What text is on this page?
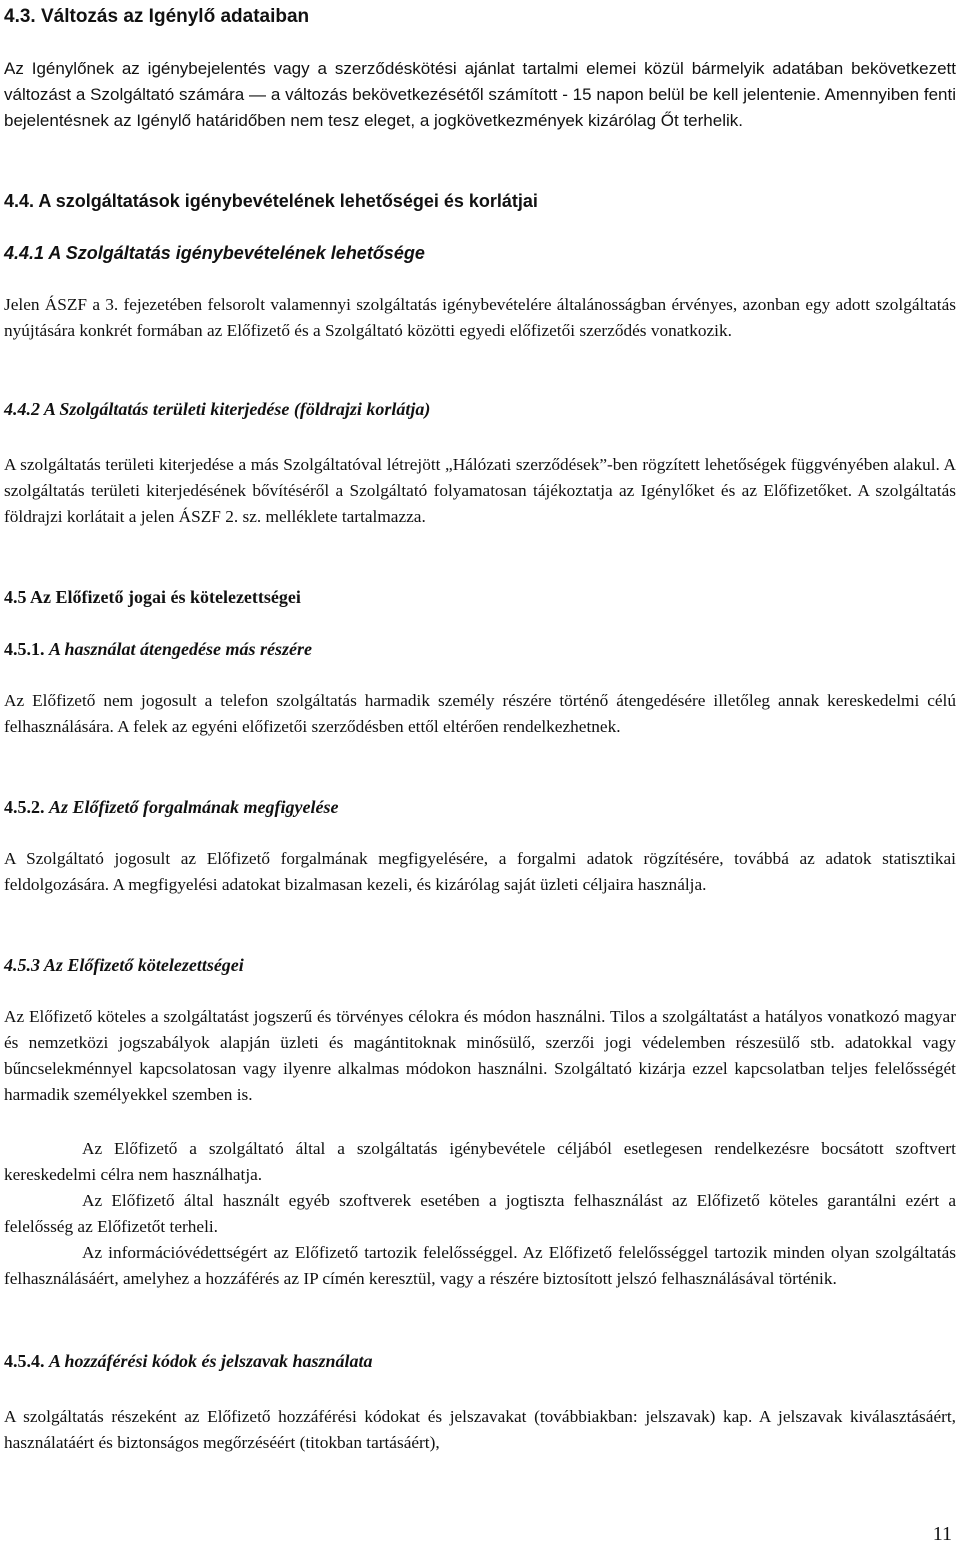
4.3. Változás az Igénylő adataiban

Az Igénylőnek az igénybejelentés vagy a szerződéskötési ajánlat tartalmi elemei közül bármelyik adatában bekövetkezett változást a Szolgáltató számára ― a változás bekövetkezésétől számított - 15 napon belül be kell jelentenie. Amennyiben fenti bejelentésnek az Igénylő határidőben nem tesz eleget, a jogkövetkezmények kizárólag Őt terhelik.

4.4. A szolgáltatások igénybevételének lehetőségei és korlátjai
4.4.1 A Szolgáltatás igénybevételének lehetősége

Jelen ÁSZF a 3. fejezetében felsorolt valamennyi szolgáltatás igénybevételére általánosságban érvényes, azonban egy adott szolgáltatás nyújtására konkrét formában az Előfizető és a Szolgáltató közötti egyedi előfizetői szerződés vonatkozik.

4.4.2 A Szolgáltatás területi kiterjedése (földrajzi korlátja)

A szolgáltatás területi kiterjedése a más Szolgáltatóval létrejött „Hálózati szerződések”-ben rögzített lehetőségek függvényében alakul. A szolgáltatás területi kiterjedésének bővítéséről a Szolgáltató folyamatosan tájékoztatja az Igénylőket és az Előfizetőket. A szolgáltatás földrajzi korlátait a jelen ÁSZF 2. sz. melléklete tartalmazza.

4.5 Az Előfizető jogai és kötelezettségei
4.5.1. A használat átengedése más részére

Az Előfizető nem jogosult a telefon szolgáltatás harmadik személy részére történő átengedésére illetőleg annak kereskedelmi célú felhasználására. A felek az egyéni előfizetői szerződésben ettől eltérően rendelkezhetnek.

4.5.2. Az Előfizető forgalmának megfigyelése

A Szolgáltató jogosult az Előfizető forgalmának megfigyelésére, a forgalmi adatok rögzítésére, továbbá az adatok statisztikai feldolgozására. A megfigyelési adatokat bizalmasan kezeli, és kizárólag saját üzleti céljaira használja.

4.5.3 Az Előfizető kötelezettségei

Az Előfizető köteles a szolgáltatást jogszerű és törvényes célokra és módon használni. Tilos a szolgáltatást a hatályos vonatkozó magyar és nemzetközi jogszabályok alapján üzleti és magántitoknak minősülő, szerzői jogi védelemben részesülő stb. adatokkal vagy bűncselekménnyel kapcsolatosan vagy ilyenre alkalmas módokon használni. Szolgáltató kizárja ezzel kapcsolatban teljes felelősségét harmadik személyekkel szemben is.

Az Előfizető a szolgáltató által a szolgáltatás igénybevétele céljából esetlegesen rendelkezésre bocsátott szoftvert kereskedelmi célra nem használhatja.

Az Előfizető által használt egyéb szoftverek esetében a jogtiszta felhasználást az Előfizető köteles garantálni ezért a felelősség az Előfizetőt terheli.

Az információvédettségért az Előfizető tartozik felelősséggel. Az Előfizető felelősséggel tartozik minden olyan szolgáltatás felhasználásáért, amelyhez a hozzáférés az IP címén keresztül, vagy a részére biztosított jelszó felhasználásával történik.

4.5.4. A hozzáférési kódok és jelszavak használata

A szolgáltatás részeként az Előfizető hozzáférési kódokat és jelszavakat (továbbiakban: jelszavak) kap. A jelszavak kiválasztásáért, használatáért és biztonságos megőrzéséért (titokban tartásáért),

11
